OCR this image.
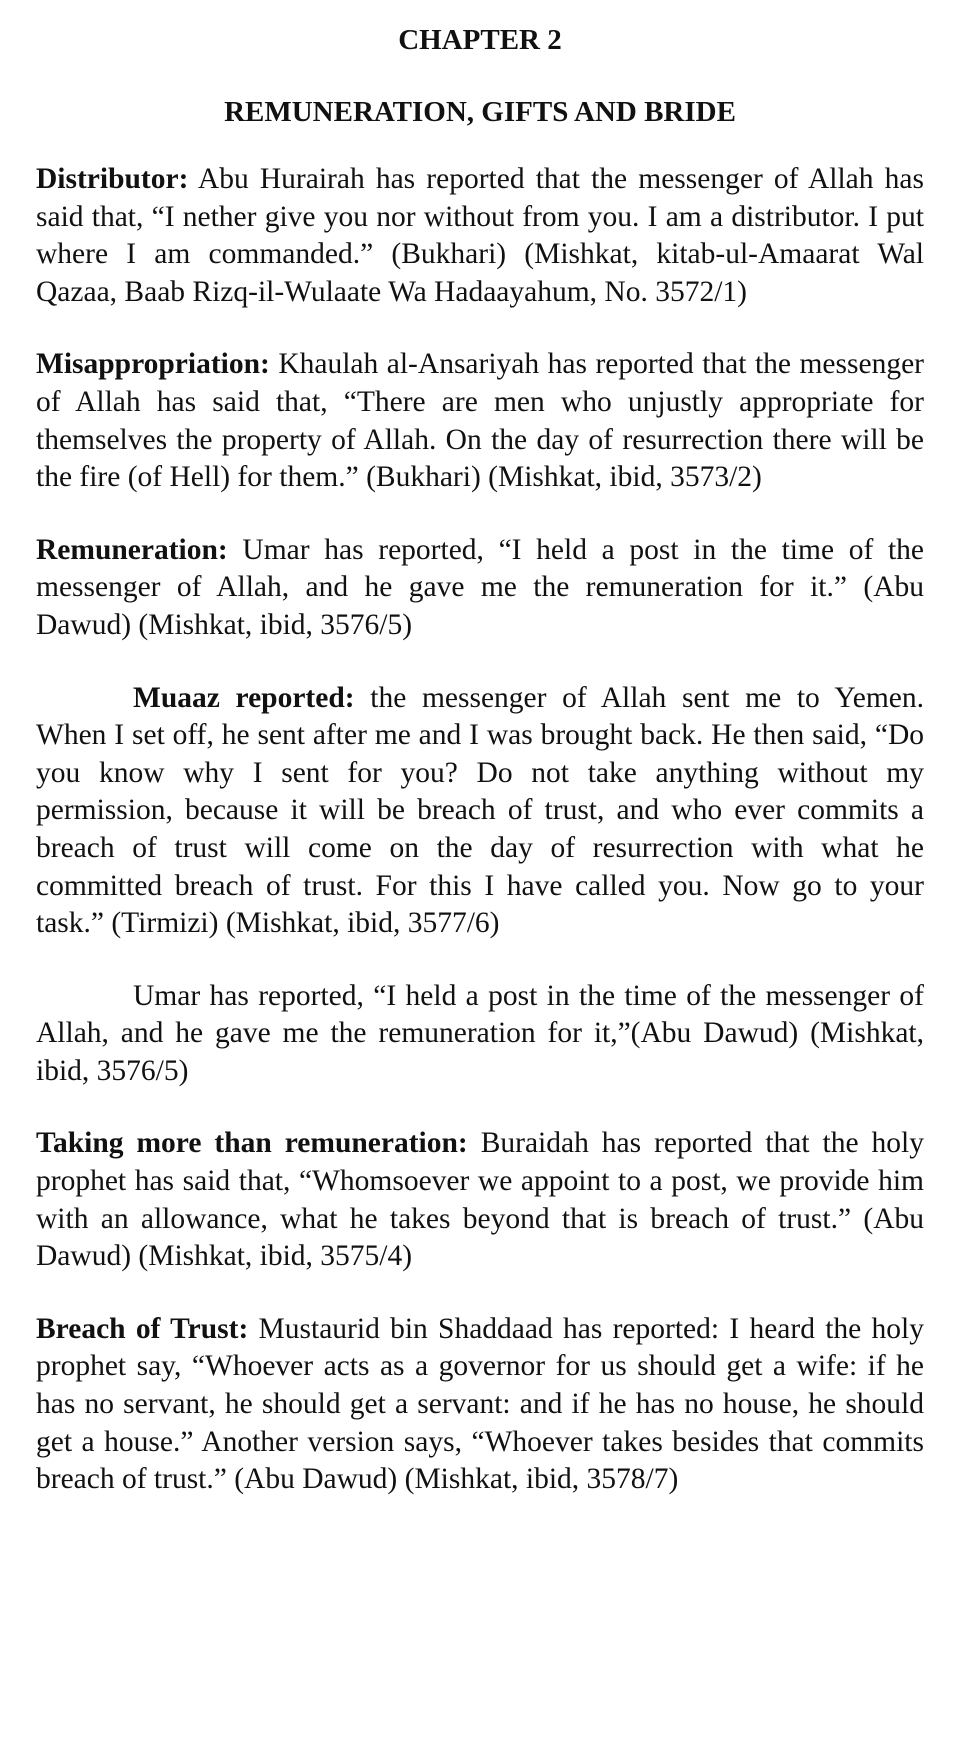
CHAPTER 2
REMUNERATION, GIFTS AND BRIDE

Distributor: Abu Hurairah has reported that the messenger of Allah has said that, “I nether give you nor without from you. I am a distributor. I put where I am commanded.” (Bukhari) (Mishkat, kitab-ul-Amaarat Wal Qazaa, Baab Rizq-il-Wulaate Wa Hadaayahum, No. 3572/1)

Misappropriation: Khaulah al-Ansariyah has reported that the messenger of Allah has said that, “There are men who unjustly appropriate for themselves the property of Allah. On the day of resurrection there will be the fire (of Hell) for them.” (Bukhari) (Mishkat, ibid, 3573/2)

Remuneration: Umar has reported, “I held a post in the time of the messenger of Allah, and he gave me the remuneration for it.” (Abu Dawud) (Mishkat, ibid, 3576/5)

Muaaz reported: the messenger of Allah sent me to Yemen. When I set off, he sent after me and I was brought back. He then said, “Do you know why I sent for you? Do not take anything without my permission, because it will be breach of trust, and who ever commits a breach of trust will come on the day of resurrection with what he committed breach of trust. For this I have called you. Now go to your task.” (Tirmizi) (Mishkat, ibid, 3577/6)

Umar has reported, “I held a post in the time of the messenger of Allah, and he gave me the remuneration for it,”(Abu Dawud) (Mishkat, ibid, 3576/5)

Taking more than remuneration: Buraidah has reported that the holy prophet has said that, “Whomsoever we appoint to a post, we provide him with an allowance, what he takes beyond that is breach of trust.” (Abu Dawud) (Mishkat, ibid, 3575/4)

Breach of Trust: Mustaurid bin Shaddaad has reported: I heard the holy prophet say, “Whoever acts as a governor for us should get a wife: if he has no servant, he should get a servant: and if he has no house, he should get a house.” Another version says, “Whoever takes besides that commits breach of trust.” (Abu Dawud) (Mishkat, ibid, 3578/7)
